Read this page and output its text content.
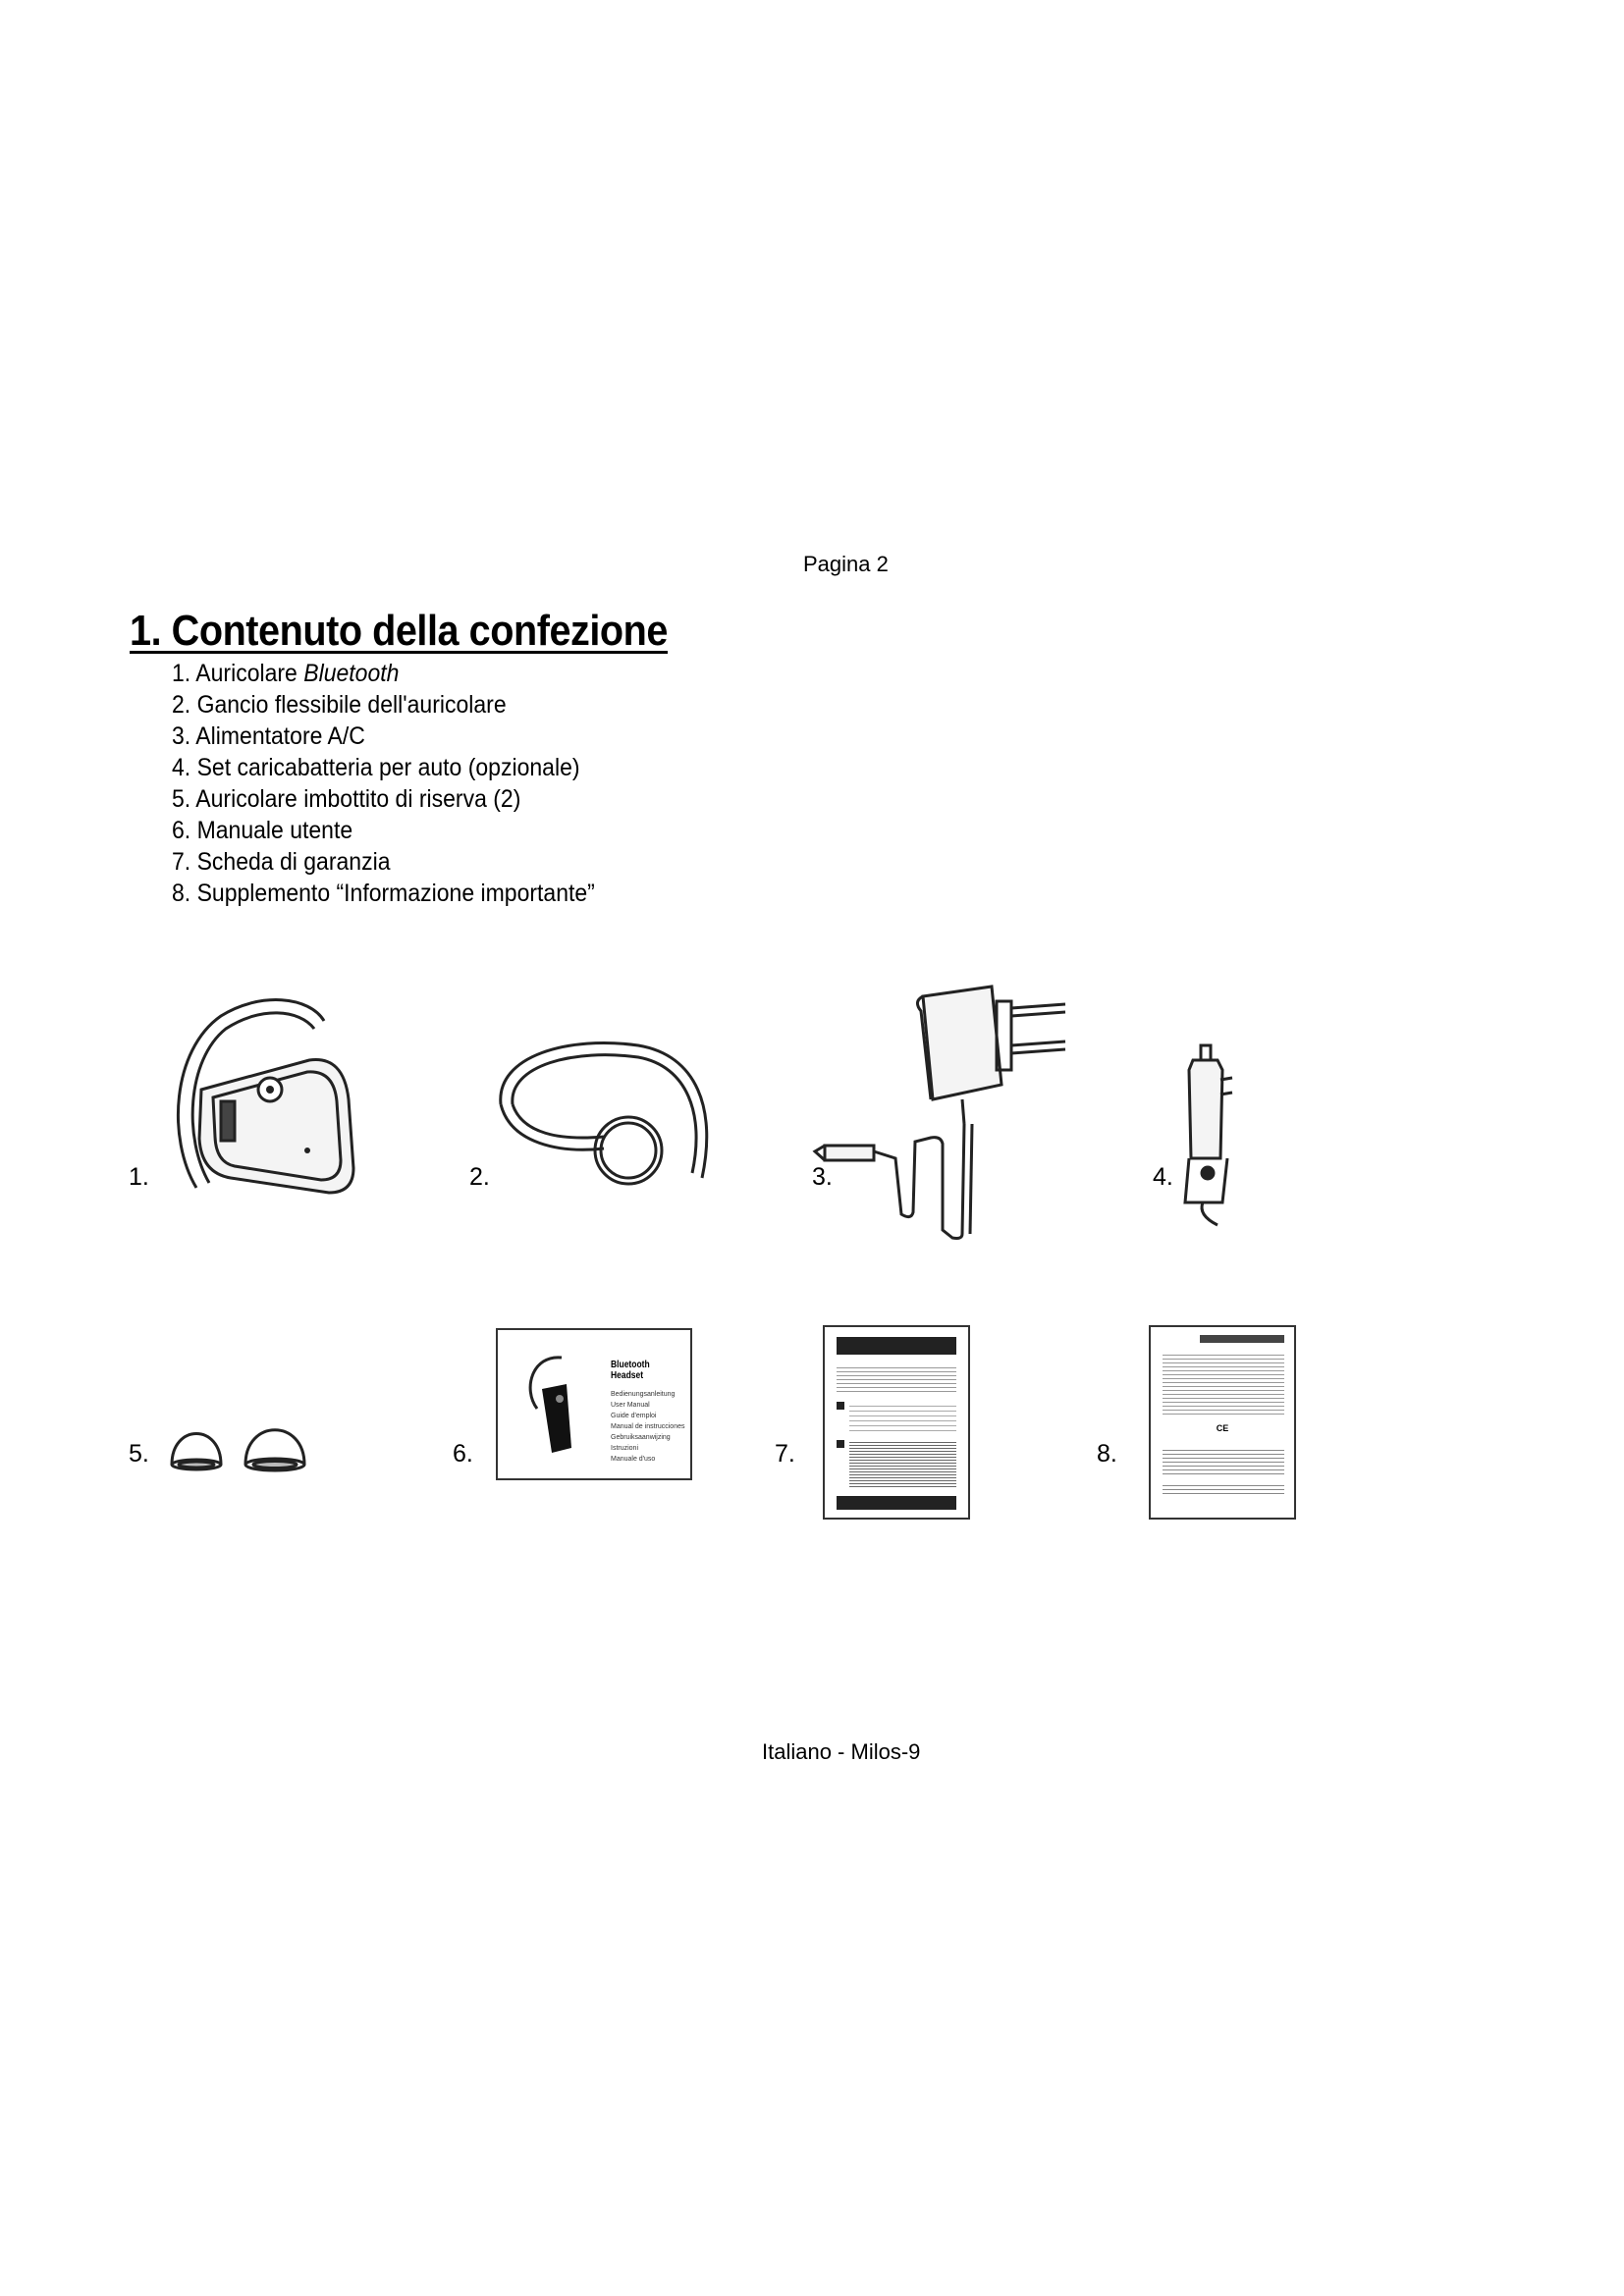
Pagina 2
1. Contenuto della confezione
1. Auricolare Bluetooth
2. Gancio flessibile dell'auricolare
3. Alimentatore A/C
4. Set caricabatteria per auto (opzionale)
5. Auricolare imbottito di riserva (2)
6. Manuale utente
7. Scheda di garanzia
8. Supplemento “Informazione importante”
1.	2.	3.	4.
5.	6.
Bluetooth Headset
Bedienungsanleitung
User Manual
Guide d'emploi
Manual de instrucciones
Gebruiksaanwijzing
Istruzioni
Manuale d'uso	7.	8.
CE
Italiano - Milos-9
